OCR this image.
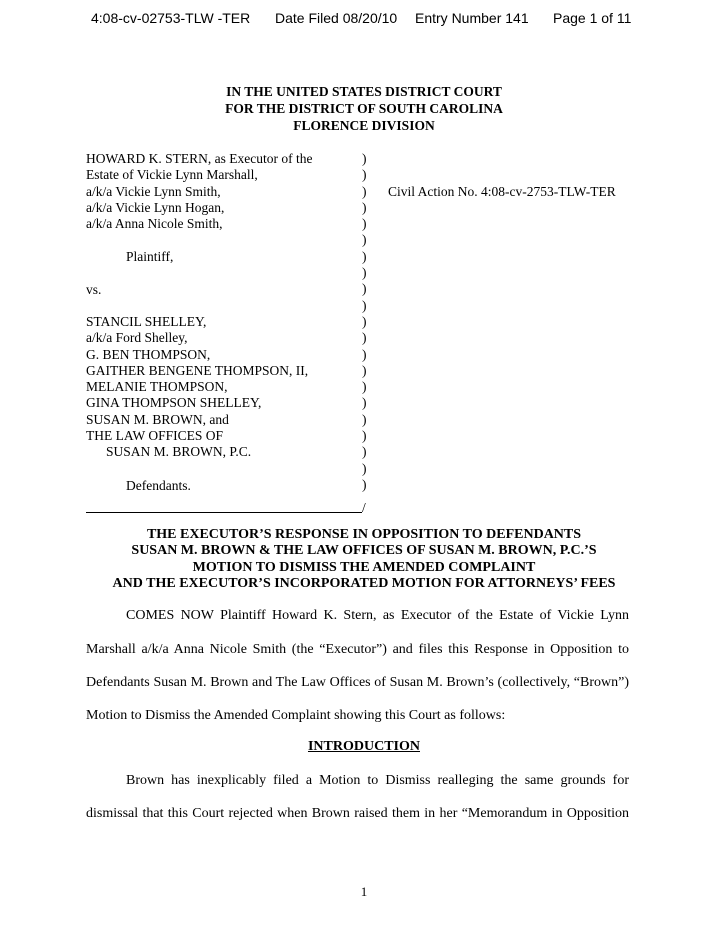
4:08-cv-02753-TLW -TER Date Filed 08/20/10 Entry Number 141 Page 1 of 11
IN THE UNITED STATES DISTRICT COURT
FOR THE DISTRICT OF SOUTH CAROLINA
FLORENCE DIVISION
HOWARD K. STERN, as Executor of the
Estate of Vickie Lynn Marshall,
a/k/a Vickie Lynn Smith,
a/k/a Vickie Lynn Hogan,
a/k/a Anna Nicole Smith,
Plaintiff,
vs.
STANCIL SHELLEY,
a/k/a Ford Shelley,
G. BEN THOMPSON,
GAITHER BENGENE THOMPSON, II,
MELANIE THOMPSON,
GINA THOMPSON SHELLEY,
SUSAN M. BROWN, and
THE LAW OFFICES OF
SUSAN M. BROWN, P.C.
Defendants.
)
)
)
)
)
)
)
)
)
)
)
)
)
)
)
)
)
)
)
)
)
Civil Action No. 4:08-cv-2753-TLW-TER
/
THE EXECUTOR’S RESPONSE IN OPPOSITION TO DEFENDANTS
SUSAN M. BROWN & THE LAW OFFICES OF SUSAN M. BROWN, P.C.’S
MOTION TO DISMISS THE AMENDED COMPLAINT
AND THE EXECUTOR’S INCORPORATED MOTION FOR ATTORNEYS’ FEES
COMES NOW Plaintiff Howard K. Stern, as Executor of the Estate of Vickie Lynn
Marshall a/k/a Anna Nicole Smith (the “Executor”) and files this Response in Opposition to
Defendants Susan M. Brown and The Law Offices of Susan M. Brown’s (collectively, “Brown”)
Motion to Dismiss the Amended Complaint showing this Court as follows:
INTRODUCTION
Brown has inexplicably filed a Motion to Dismiss realleging the same grounds for
dismissal that this Court rejected when Brown raised them in her “Memorandum in Opposition
1
